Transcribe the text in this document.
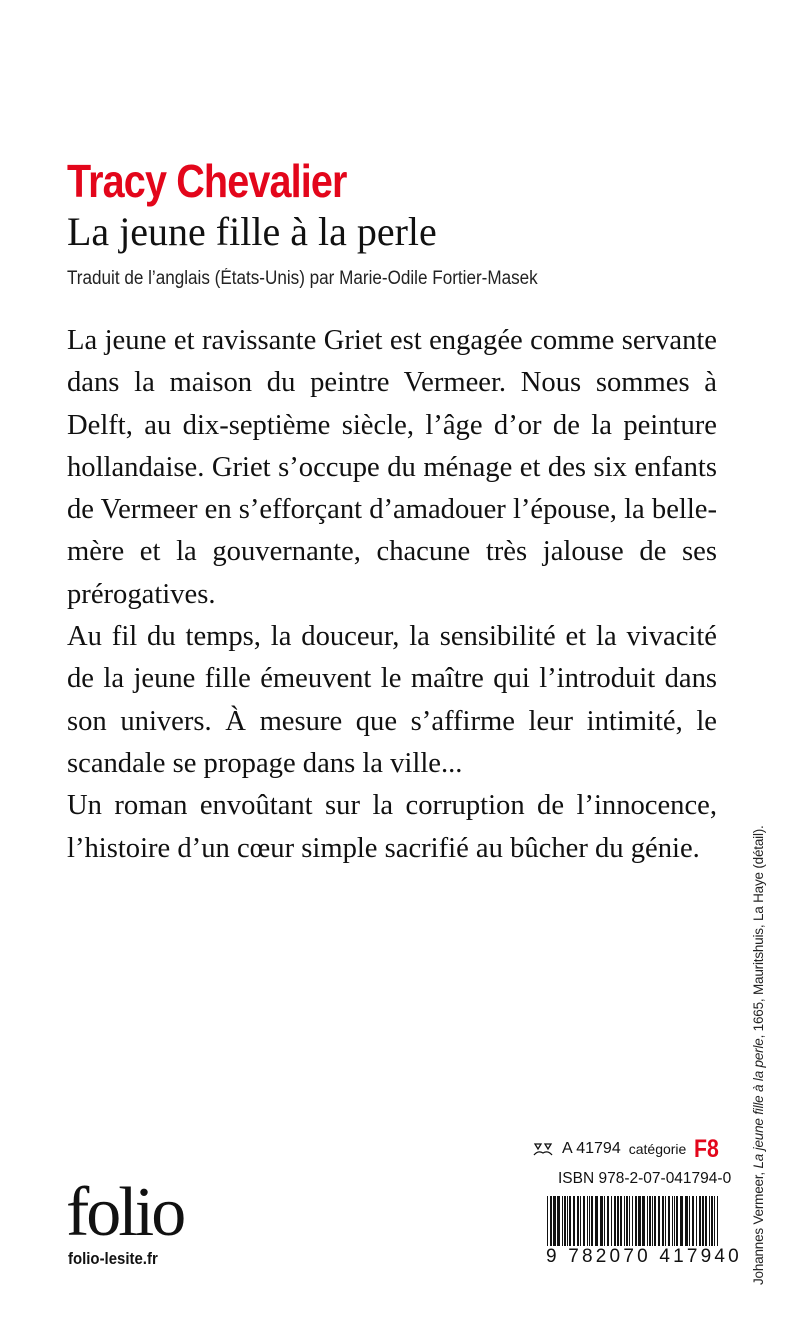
Tracy Chevalier
La jeune fille à la perle
Traduit de l’anglais (États-Unis) par Marie-Odile Fortier-Masek

La jeune et ravissante Griet est engagée comme servante dans la maison du peintre Vermeer. Nous sommes à Delft, au dix-septième siècle, l’âge d’or de la peinture hollandaise. Griet s’occupe du ménage et des six enfants de Vermeer en s’efforçant d’amadouer l’épouse, la belle-mère et la gouvernante, chacune très jalouse de ses prérogatives.

Au fil du temps, la douceur, la sensibilité et la vivacité de la jeune fille émeuvent le maître qui l’introduit dans son univers. À mesure que s’affirme leur intimité, le scandale se propage dans la ville...

Un roman envoûtant sur la corruption de l’innocence, l’histoire d’un cœur simple sacrifié au bûcher du génie.

Johannes Vermeer, La jeune fille à la perle, 1665, Mauritshuis, La Haye (détail).
folio
folio-lesite.fr
A 41794 catégorie F8
ISBN 978-2-07-041794-0
9 782070 417940
